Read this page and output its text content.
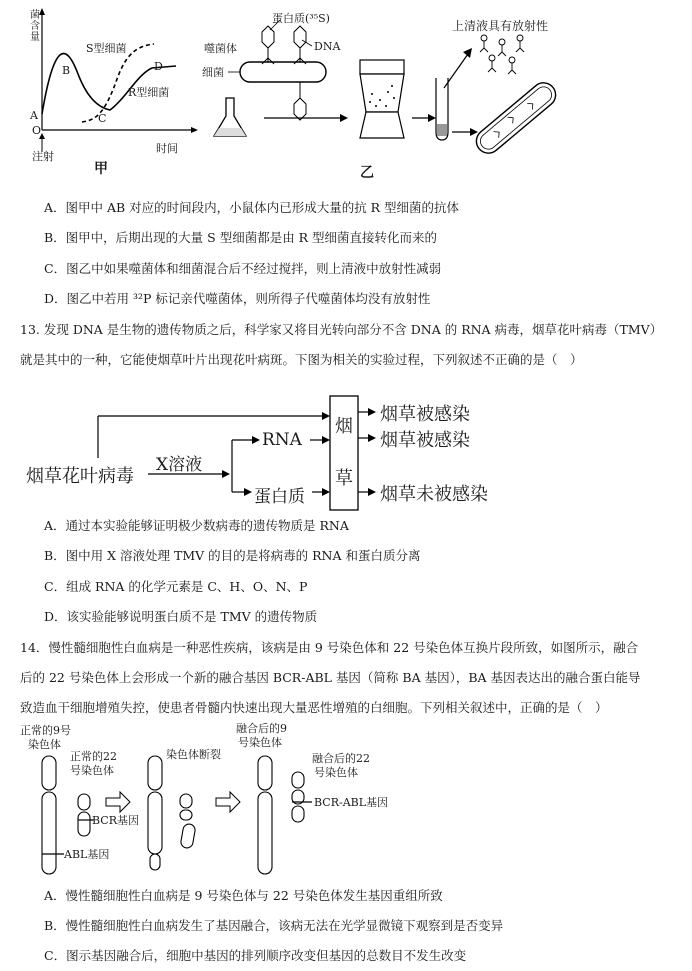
菌含量
S型细菌
R型细菌
A
B
C
D
O
时间
注射
甲
蛋白质(³⁵S)
噬菌体	DNA
细菌
上清液具有放射性
乙
A．图甲中 AB 对应的时间段内，小鼠体内已形成大量的抗 R 型细菌的抗体
B．图甲中，后期出现的大量 S 型细菌都是由 R 型细菌直接转化而来的
C．图乙中如果噬菌体和细菌混合后不经过搅拌，则上清液中放射性减弱
D．图乙中若用 ³²P 标记亲代噬菌体，则所得子代噬菌体均没有放射性
13. 发现 DNA 是生物的遗传物质之后，科学家又将目光转向部分不含 DNA 的 RNA 病毒，烟草花叶病毒（TMV）
就是其中的一种，它能使烟草叶片出现花叶病斑。下图为相关的实验过程，下列叙述不正确的是（　）
烟草花叶病毒
X溶液
RNA
蛋白质
烟
草
烟草被感染
烟草被感染
烟草未被感染
A．通过本实验能够证明极少数病毒的遗传物质是 RNA
B．图中用 X 溶液处理 TMV 的目的是将病毒的 RNA 和蛋白质分离
C．组成 RNA 的化学元素是 C、H、O、N、P
D．该实验能够说明蛋白质不是 TMV 的遗传物质
14．慢性髓细胞性白血病是一种恶性疾病，该病是由 9 号染色体和 22 号染色体互换片段所致，如图所示，融合
后的 22 号染色体上会形成一个新的融合基因 BCR-ABL 基因（简称 BA 基因），BA 基因表达出的融合蛋白能导
致造血干细胞增殖失控，使患者骨髓内快速出现大量恶性增殖的白细胞。下列相关叙述中，正确的是（　）
正常的9号
染色体
正常的22
号染色体
BCR基因
ABL基因
染色体断裂
融合后的9
号染色体
融合后的22
号染色体
BCR-ABL基因
A．慢性髓细胞性白血病是 9 号染色体与 22 号染色体发生基因重组所致
B．慢性髓细胞性白血病发生了基因融合，该病无法在光学显微镜下观察到是否变异
C．图示基因融合后，细胞中基因的排列顺序改变但基因的总数目不发生改变
